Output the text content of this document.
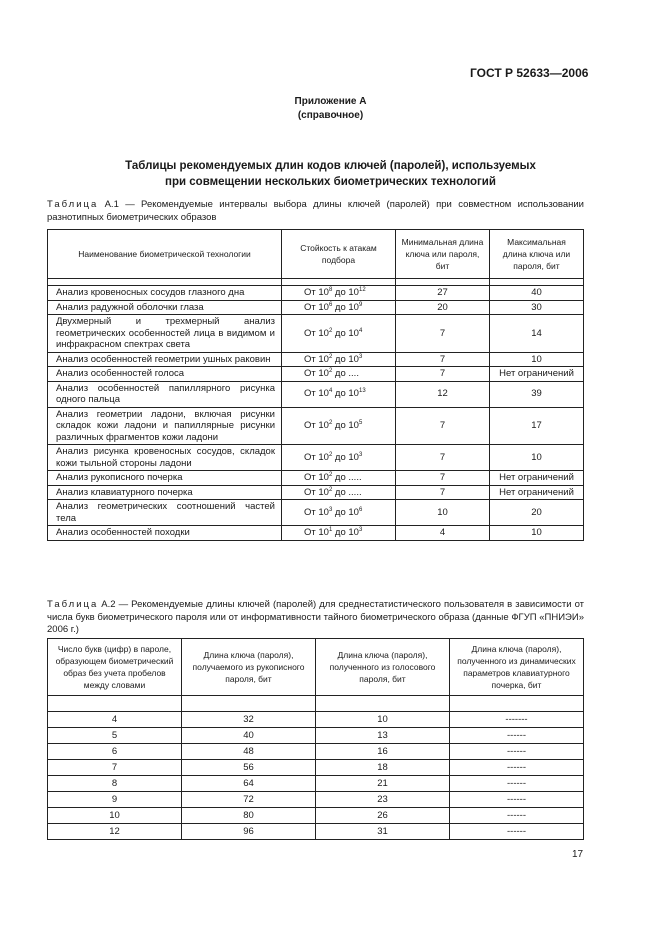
ГОСТ Р 52633—2006
Приложение А
(справочное)
Таблицы рекомендуемых длин кодов ключей (паролей), используемых
при совмещении нескольких биометрических технологий
Таблица А.1 — Рекомендуемые интервалы выбора длины ключей (паролей) при совместном использовании разнотипных биометрических образов
Наименование биометрической технологии	Стойкость к атакам подбора	Минимальная длина ключа или пароля, бит	Максимальная длина ключа или пароля, бит

Анализ кровеносных сосудов глазного дна	От $10^8$ до $10^{12}$	27	40
Анализ радужной оболочки глаза	От $10^6$ до $10^9$	20	30
Двухмерный и трехмерный анализ геометрических особенностей лица в видимом и инфракрасном спектрах света	От $10^2$ до $10^4$	7	14
Анализ особенностей геометрии ушных раковин	От $10^2$ до $10^3$	7	10
Анализ особенностей голоса	От $10^2$ до ....	7	Нет ограничений
Анализ особенностей папиллярного рисунка одного пальца	От $10^4$ до $10^{13}$	12	39
Анализ геометрии ладони, включая рисунки складок кожи ладони и папиллярные рисунки различных фрагментов кожи ладони	От $10^2$ до $10^5$	7	17
Анализ рисунка кровеносных сосудов, складок кожи тыльной стороны ладони	От $10^2$ до $10^3$	7	10
Анализ рукописного почерка	От $10^2$ до .....	7	Нет ограничений
Анализ клавиатурного почерка	От $10^2$ до .....	7	Нет ограничений
Анализ геометрических соотношений частей тела	От $10^3$ до $10^6$	10	20
Анализ особенностей походки	От $10^1$ до $10^3$	4	10
Таблица А.2 — Рекомендуемые длины ключей (паролей) для среднестатистического пользователя в зависимости от числа букв биометрического пароля или от информативности тайного биометрического образа (данные ФГУП «ПНИЭИ» 2006 г.)
Число букв (цифр) в пароле, образующем биометрический образ без учета пробелов между словами	Длина ключа (пароля), получаемого из рукописного пароля, бит	Длина ключа (пароля), полученного из голосового пароля, бит	Длина ключа (пароля), полученного из динамических параметров клавиатурного почерка, бит

4	32	10	-------
5	40	13	------
6	48	16	------
7	56	18	------
8	64	21	------
9	72	23	------
10	80	26	------
12	96	31	------
17
